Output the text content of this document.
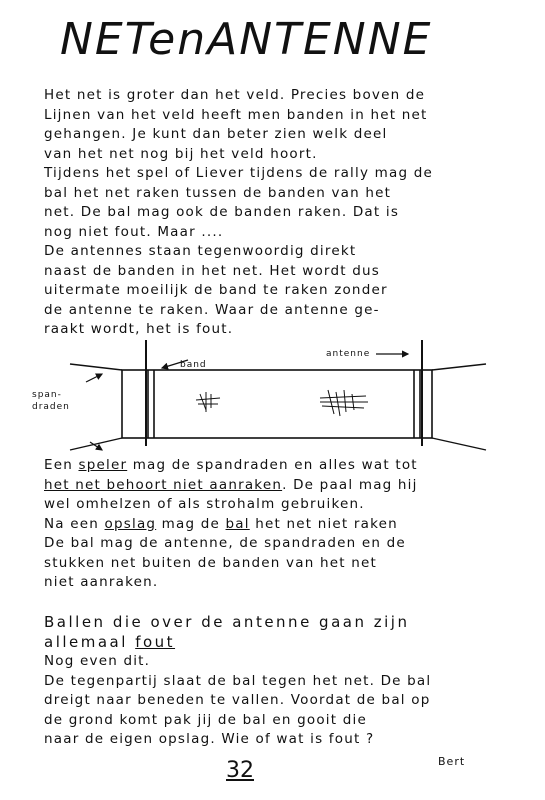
NETenANTENNE
Het net is groter dan het veld. Precies boven de
Lijnen van het veld heeft men banden in het net
gehangen. Je kunt dan beter zien welk deel
van het net nog bij het veld hoort.
Tijdens het spel of Liever tijdens de rally mag de
bal het net raken tussen de banden van het
net. De bal mag ook de banden raken. Dat is
nog niet fout. Maar ....
De antennes staan tegenwoordig direkt
naast de banden in het net. Het wordt dus
uitermate moeilijk de band te raken zonder
de antenne te raken. Waar de antenne ge-
raakt wordt, het is fout.
band
antenne
span-
draden
Een speler mag de spandraden en alles wat tot
het net behoort niet aanraken. De paal mag hij
wel omhelzen of als strohalm gebruiken.
Na een opslag mag de bal het net niet raken
De bal mag de antenne, de spandraden en de
stukken net buiten de banden van het net
niet aanraken.
Ballen die over de antenne gaan zijn
allemaal fout
Nog even dit.
De tegenpartij slaat de bal tegen het net. De bal
dreigt naar beneden te vallen. Voordat de bal op
de grond komt pak jij de bal en gooit die
naar de eigen opslag. Wie of wat is fout ?
32	Bert
